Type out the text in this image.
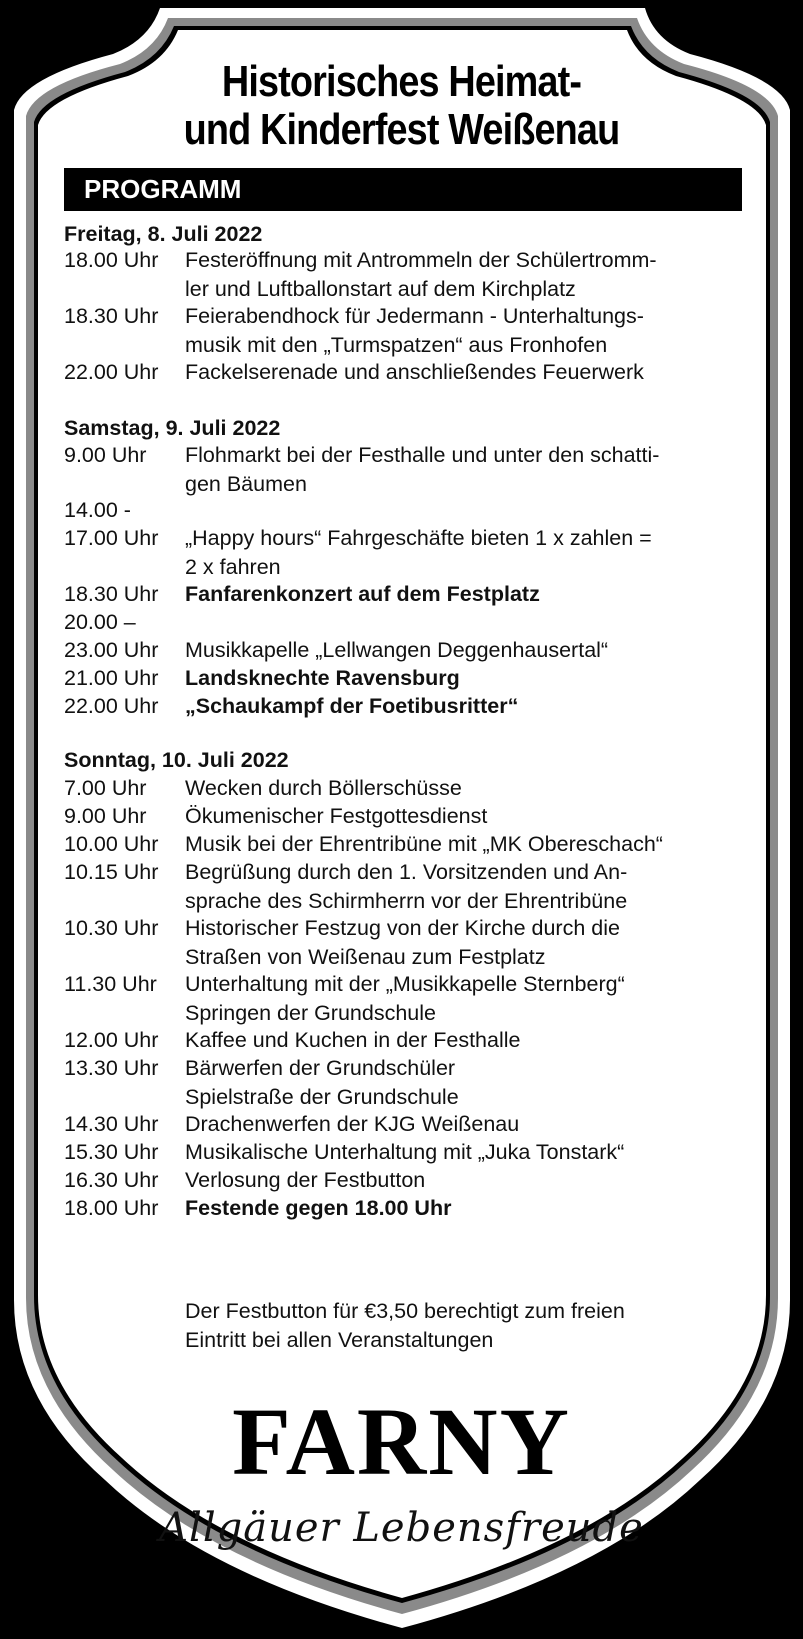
Historisches Heimat-
und Kinderfest Weißenau
PROGRAMM
Freitag, 8. Juli 2022
18.00 Uhr Festeröffnung mit Antrommeln der Schülertromm-
ler und Luftballonstart auf dem Kirchplatz
18.30 Uhr Feierabendhock für Jedermann - Unterhaltungs-
musik mit den „Turmspatzen“ aus Fronhofen
22.00 Uhr Fackelserenade und anschließendes Feuerwerk
Samstag, 9. Juli 2022
9.00 Uhr Flohmarkt bei der Festhalle und unter den schatti-
gen Bäumen
14.00 -
17.00 Uhr „Happy hours“ Fahrgeschäfte bieten 1 x zahlen =
2 x fahren
18.30 Uhr Fanfarenkonzert auf dem Festplatz
20.00 –
23.00 Uhr Musikkapelle „Lellwangen Deggenhausertal“
21.00 Uhr Landsknechte Ravensburg
22.00 Uhr „Schaukampf der Foetibusritter“
Sonntag, 10. Juli 2022
7.00 Uhr Wecken durch Böllerschüsse
9.00 Uhr Ökumenischer Festgottesdienst
10.00 Uhr Musik bei der Ehrentribüne mit „MK Obereschach“
10.15 Uhr Begrüßung durch den 1. Vorsitzenden und An-
sprache des Schirmherrn vor der Ehrentribüne
10.30 Uhr Historischer Festzug von der Kirche durch die
Straßen von Weißenau zum Festplatz
11.30 Uhr Unterhaltung mit der „Musikkapelle Sternberg“
Springen der Grundschule
12.00 Uhr Kaffee und Kuchen in der Festhalle
13.30 Uhr Bärwerfen der Grundschüler
Spielstraße der Grundschule
14.30 Uhr Drachenwerfen der KJG Weißenau
15.30 Uhr Musikalische Unterhaltung mit „Juka Tonstark“
16.30 Uhr Verlosung der Festbutton
18.00 Uhr Festende gegen 18.00 Uhr
Der Festbutton für €3,50 berechtigt zum freien
Eintritt bei allen Veranstaltungen
FARNY
Allgäuer Lebensfreude
